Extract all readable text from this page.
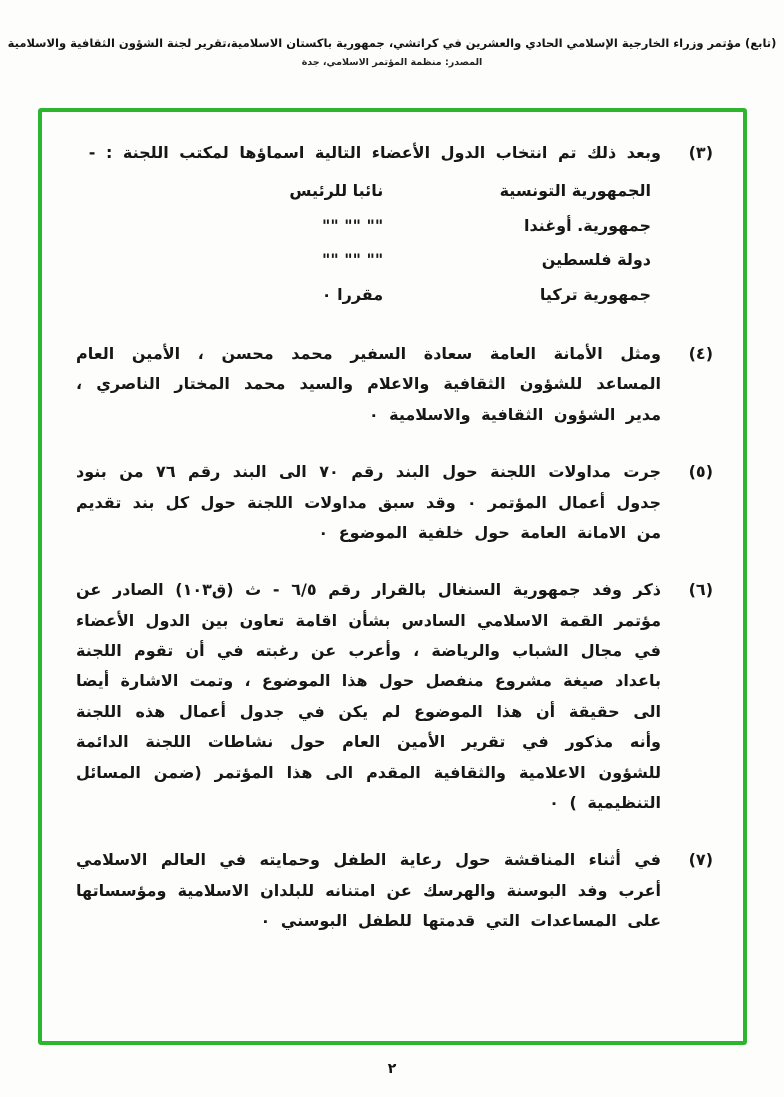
(تابع) مؤتمر وزراء الخارجية الإسلامي الحادي والعشرين في كراتشي، جمهورية باكستان الاسلامية،تقرير لجنة الشؤون الثقافية والاسلامية
المصدر: منظمة المؤتمر الاسلامي، جدة
(٣)
وبعد ذلك تم انتخاب الدول الأعضاء التالية اسماؤها لمكتب اللجنة : -
الجمهورية التونسية
نائبا للرئيس
جمهورية. أوغندا
"" "" ""
دولة فلسطين
"" "" ""
جمهورية تركيا
مقررا ٠
(٤)
ومثل الأمانة العامة سعادة السفير محمد محسن ، الأمين العام المساعد للشؤون الثقافية والاعلام والسيد محمد المختار الناصري ، مدير الشؤون الثقافية والاسلامية ٠
(٥)
جرت مداولات اللجنة حول البند رقم ٧٠ الى البند رقم ٧٦ من بنود جدول أعمال المؤتمر ٠ وقد سبق مداولات اللجنة حول كل بند تقديم من الامانة العامة حول خلفية الموضوع ٠
(٦)
ذكر وفد جمهورية السنغال بالقرار رقم ٦/٥ - ث (ق١٠٣) الصادر عن مؤتمر القمة الاسلامي السادس بشأن اقامة تعاون بين الدول الأعضاء في مجال الشباب والرياضة ، وأعرب عن رغبته في أن تقوم اللجنة باعداد صيغة مشروع منفصل حول هذا الموضوع ، وتمت الاشارة أيضا الى حقيقة أن هذا الموضوع لم يكن في جدول أعمال هذه اللجنة وأنه مذكور في تقرير الأمين العام حول نشاطات اللجنة الدائمة للشؤون الاعلامية والثقافية المقدم الى هذا المؤتمر (ضمن المسائل التنظيمية ) ٠
(٧)
في أثناء المناقشة حول رعاية الطفل وحمايته في العالم الاسلامي أعرب وفد البوسنة والهرسك عن امتنانه للبلدان الاسلامية ومؤسساتها على المساعدات التي قدمتها للطفل البوسني ٠
٢
